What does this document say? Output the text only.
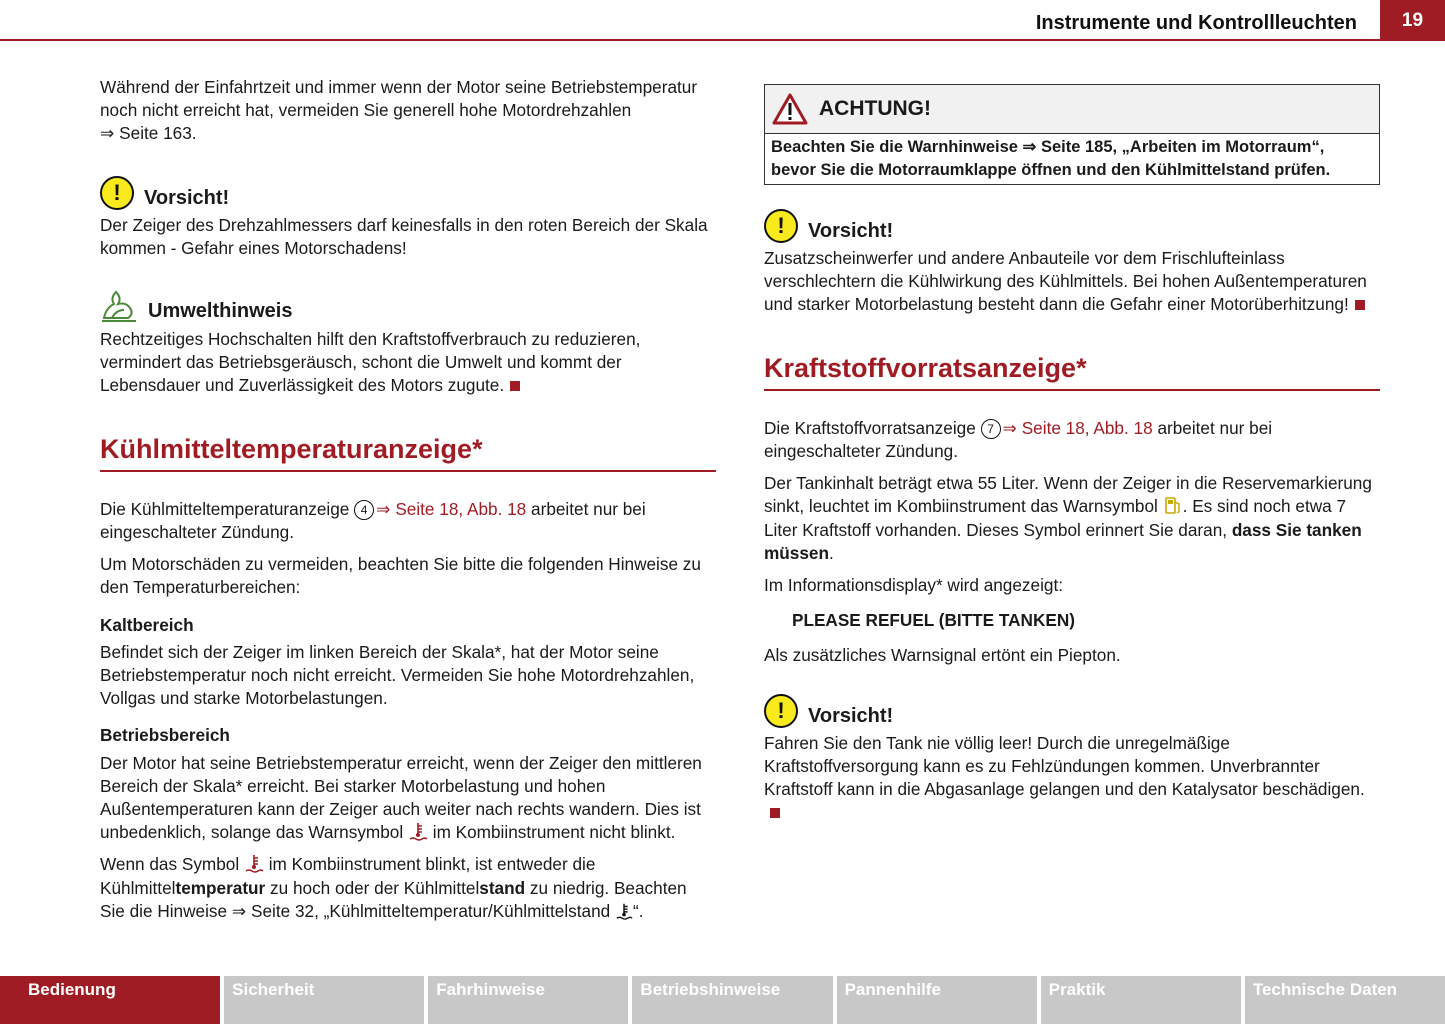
Instrumente und Kontrollleuchten	19

Während der Einfahrtzeit und immer wenn der Motor seine Betriebstemperatur noch nicht erreicht hat, vermeiden Sie generell hohe Motordrehzahlen
⇒ Seite 163.

!	Vorsicht!

Der Zeiger des Drehzahlmessers darf keinesfalls in den roten Bereich der Skala kommen - Gefahr eines Motorschadens!

Umwelthinweis

Rechtzeitiges Hochschalten hilft den Kraftstoffverbrauch zu reduzieren, vermindert das Betriebsgeräusch, schont die Umwelt und kommt der Lebensdauer und Zuverlässigkeit des Motors zugute.

Kühlmitteltemperaturanzeige*

Die Kühlmitteltemperaturanzeige 4 ⇒ Seite 18, Abb. 18 arbeitet nur bei eingeschalteter Zündung.

Um Motorschäden zu vermeiden, beachten Sie bitte die folgenden Hinweise zu den Temperaturbereichen:

Kaltbereich

Befindet sich der Zeiger im linken Bereich der Skala*, hat der Motor seine Betriebstemperatur noch nicht erreicht. Vermeiden Sie hohe Motordrehzahlen, Vollgas und starke Motorbelastungen.

Betriebsbereich

Der Motor hat seine Betriebstemperatur erreicht, wenn der Zeiger den mittleren Bereich der Skala* erreicht. Bei starker Motorbelastung und hohen Außentemperaturen kann der Zeiger auch weiter nach rechts wandern. Dies ist unbedenklich, solange das Warnsymbol im Kombiinstrument nicht blinkt.

Wenn das Symbol im Kombiinstrument blinkt, ist entweder die Kühlmitteltemperatur zu hoch oder der Kühlmittelstand zu niedrig. Beachten Sie die Hinweise ⇒ Seite 32, „Kühlmitteltemperatur/Kühlmittelstand “.

ACHTUNG!
Beachten Sie die Warnhinweise ⇒ Seite 185, „Arbeiten im Motorraum“, bevor Sie die Motorraumklappe öffnen und den Kühlmittelstand prüfen.
!	Vorsicht!

Zusatzscheinwerfer und andere Anbauteile vor dem Frischlufteinlass verschlechtern die Kühlwirkung des Kühlmittels. Bei hohen Außentemperaturen und starker Motorbelastung besteht dann die Gefahr einer Motorüberhitzung!

Kraftstoffvorratsanzeige*

Die Kraftstoffvorratsanzeige 7 ⇒ Seite 18, Abb. 18 arbeitet nur bei eingeschalteter Zündung.

Der Tankinhalt beträgt etwa 55 Liter. Wenn der Zeiger in die Reservemarkierung sinkt, leuchtet im Kombiinstrument das Warnsymbol . Es sind noch etwa 7 Liter Kraftstoff vorhanden. Dieses Symbol erinnert Sie daran, dass Sie tanken müssen.

Im Informationsdisplay* wird angezeigt:

PLEASE REFUEL (BITTE TANKEN)

Als zusätzliches Warnsignal ertönt ein Piepton.

!	Vorsicht!

Fahren Sie den Tank nie völlig leer! Durch die unregelmäßige Kraftstoffversorgung kann es zu Fehlzündungen kommen. Unverbrannter Kraftstoff kann in die Abgasanlage gelangen und den Katalysator beschädigen.

Bedienung	Sicherheit	Fahrhinweise	Betriebshinweise	Pannenhilfe	Praktik	Technische Daten
